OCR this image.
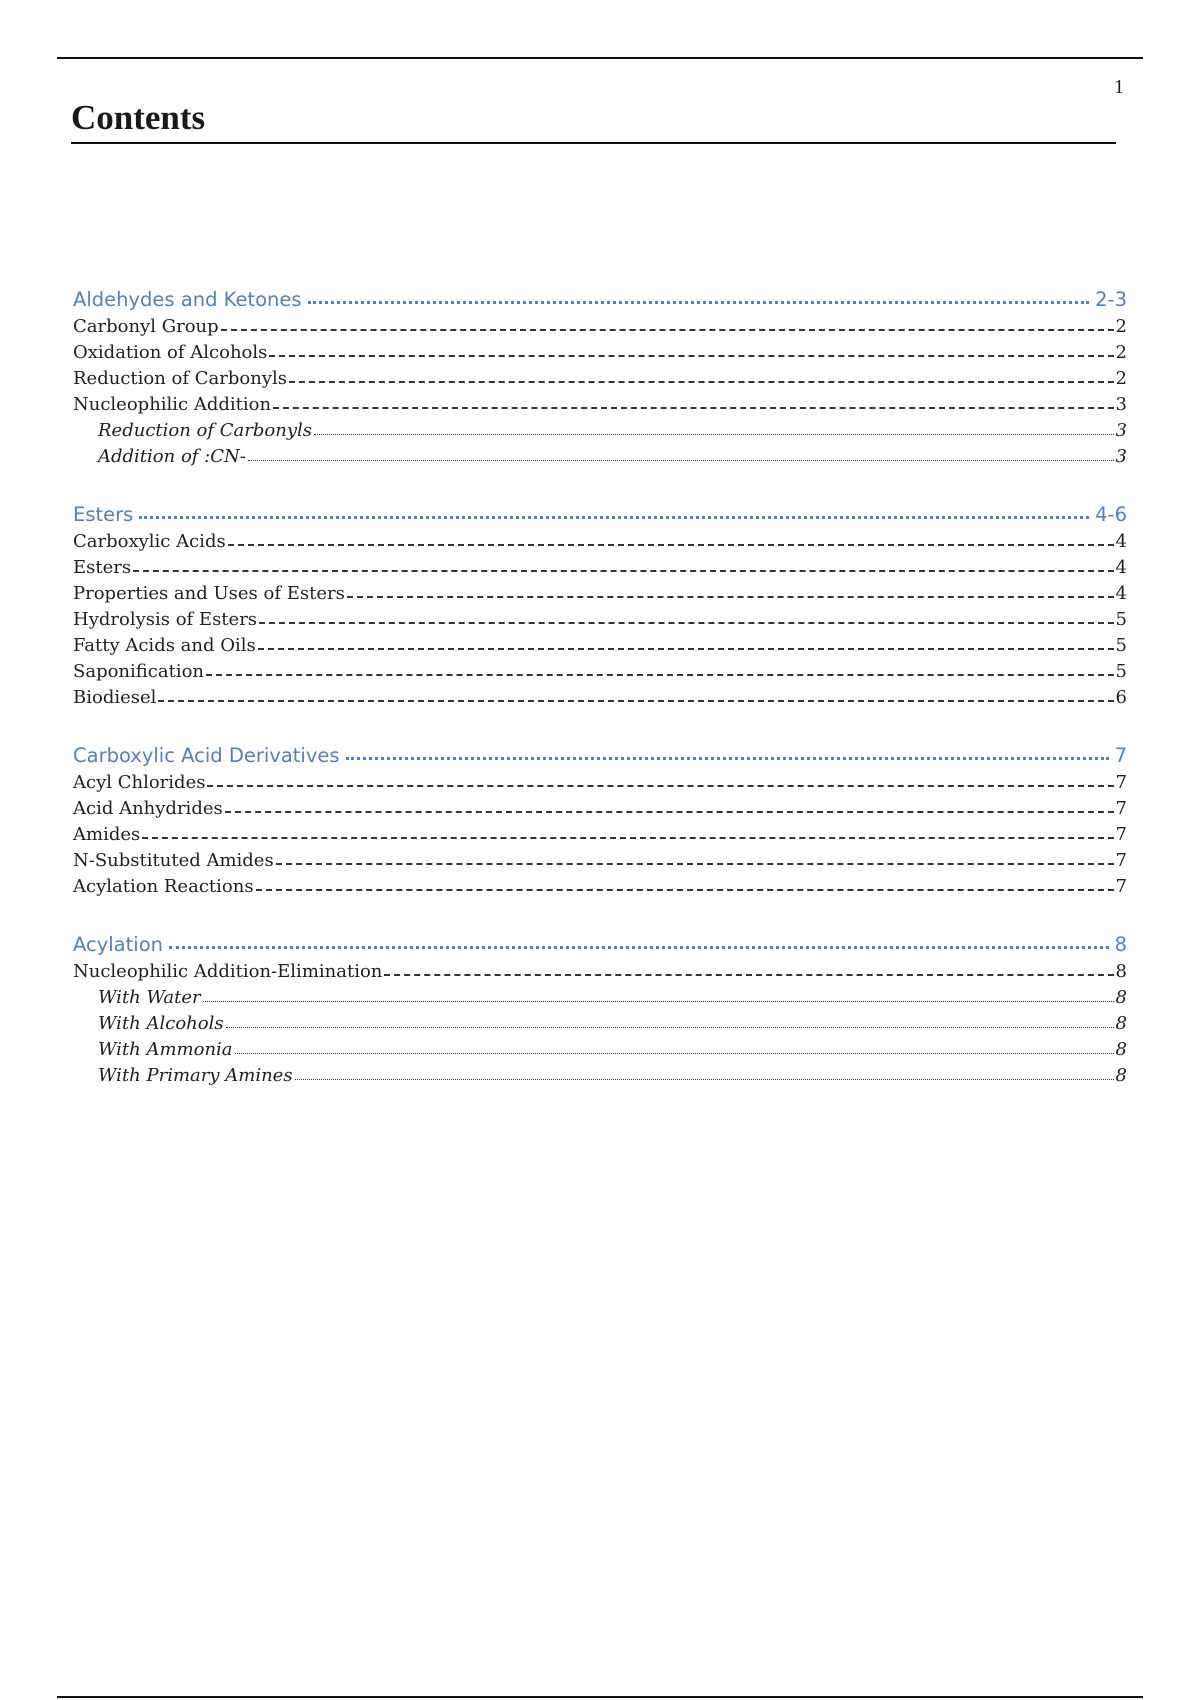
1
Contents
Aldehydes and Ketones	2-3
Carbonyl Group	2
Oxidation of Alcohols	2
Reduction of Carbonyls	2
Nucleophilic Addition	3
Reduction of Carbonyls	3
Addition of :CN-	3
Esters	4-6
Carboxylic Acids	4
Esters	4
Properties and Uses of Esters	4
Hydrolysis of Esters	5
Fatty Acids and Oils	5
Saponification	5
Biodiesel	6
Carboxylic Acid Derivatives	7
Acyl Chlorides	7
Acid Anhydrides	7
Amides	7
N-Substituted Amides	7
Acylation Reactions	7
Acylation	8
Nucleophilic Addition-Elimination	8
With Water	8
With Alcohols	8
With Ammonia	8
With Primary Amines	8
